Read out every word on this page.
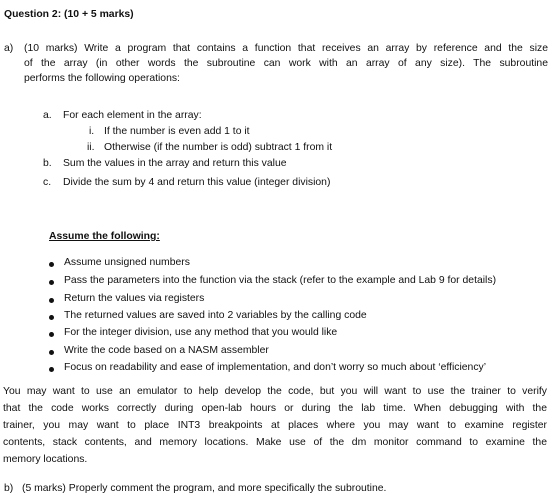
Question 2: (10 + 5 marks)
a) (10 marks) Write a program that contains a function that receives an array by reference and the size
of the array (in other words the subroutine can work with an array of any size). The subroutine
performs the following operations:
a. For each element in the array:
i. If the number is even add 1 to it
ii. Otherwise (if the number is odd) subtract 1 from it
b. Sum the values in the array and return this value
c. Divide the sum by 4 and return this value (integer division)
Assume the following:
Assume unsigned numbers
Pass the parameters into the function via the stack (refer to the example and Lab 9 for details)
Return the values via registers
The returned values are saved into 2 variables by the calling code
For the integer division, use any method that you would like
Write the code based on a NASM assembler
Focus on readability and ease of implementation, and don’t worry so much about ‘efficiency’
You may want to use an emulator to help develop the code, but you will want to use the trainer to verify
that the code works correctly during open-lab hours or during the lab time. When debugging with the
trainer, you may want to place INT3 breakpoints at places where you may want to examine register
contents, stack contents, and memory locations. Make use of the dm monitor command to examine the
memory locations.
b) (5 marks) Properly comment the program, and more specifically the subroutine.
